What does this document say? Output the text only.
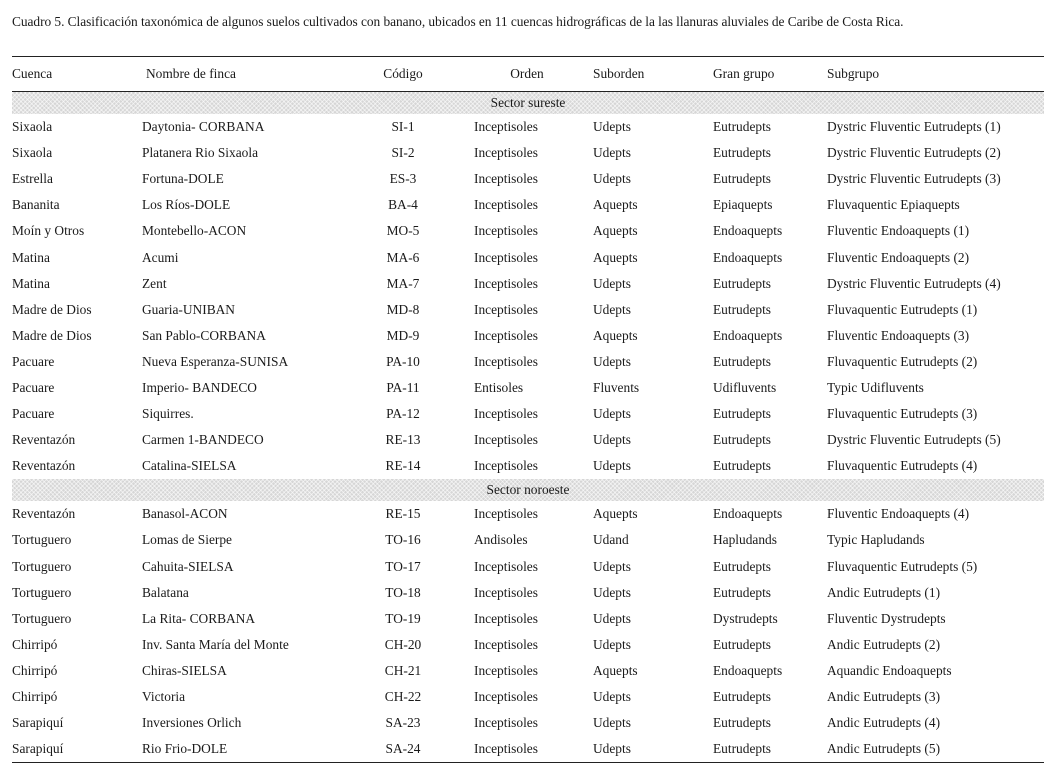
Cuadro 5. Clasificación taxonómica de algunos suelos cultivados con banano, ubicados en 11 cuencas hidrográficas de la las llanuras aluviales de Caribe de Costa Rica.
Cuenca	Nombre de finca	Código	Orden	Suborden	Gran grupo	Subgrupo
Sector sureste						
Sixaola	Daytonia- CORBANA	SI-1	Inceptisoles	Udepts	Eutrudepts	Dystric Fluventic Eutrudepts (1)
Sixaola	Platanera Rio Sixaola	SI-2	Inceptisoles	Udepts	Eutrudepts	Dystric Fluventic Eutrudepts (2)
Estrella	Fortuna-DOLE	ES-3	Inceptisoles	Udepts	Eutrudepts	Dystric Fluventic Eutrudepts (3)
Bananita	Los Ríos-DOLE	BA-4	Inceptisoles	Aquepts	Epiaquepts	Fluvaquentic Epiaquepts
Moín y Otros	Montebello-ACON	MO-5	Inceptisoles	Aquepts	Endoaquepts	Fluventic Endoaquepts (1)
Matina	Acumi	MA-6	Inceptisoles	Aquepts	Endoaquepts	Fluventic Endoaquepts (2)
Matina	Zent	MA-7	Inceptisoles	Udepts	Eutrudepts	Dystric Fluventic Eutrudepts (4)
Madre de Dios	Guaria-UNIBAN	MD-8	Inceptisoles	Udepts	Eutrudepts	Fluvaquentic Eutrudepts (1)
Madre de Dios	San Pablo-CORBANA	MD-9	Inceptisoles	Aquepts	Endoaquepts	Fluventic Endoaquepts (3)
Pacuare	Nueva Esperanza-SUNISA	PA-10	Inceptisoles	Udepts	Eutrudepts	Fluvaquentic Eutrudepts (2)
Pacuare	Imperio- BANDECO	PA-11	Entisoles	Fluvents	Udifluvents	Typic Udifluvents
Pacuare	Siquirres.	PA-12	Inceptisoles	Udepts	Eutrudepts	Fluvaquentic Eutrudepts (3)
Reventazón	Carmen 1-BANDECO	RE-13	Inceptisoles	Udepts	Eutrudepts	Dystric Fluventic Eutrudepts (5)
Reventazón	Catalina-SIELSA	RE-14	Inceptisoles	Udepts	Eutrudepts	Fluvaquentic Eutrudepts (4)
Sector noroeste						
Reventazón	Banasol-ACON	RE-15	Inceptisoles	Aquepts	Endoaquepts	Fluventic Endoaquepts (4)
Tortuguero	Lomas de Sierpe	TO-16	Andisoles	Udand	Hapludands	Typic Hapludands
Tortuguero	Cahuita-SIELSA	TO-17	Inceptisoles	Udepts	Eutrudepts	Fluvaquentic Eutrudepts (5)
Tortuguero	Balatana	TO-18	Inceptisoles	Udepts	Eutrudepts	Andic Eutrudepts (1)
Tortuguero	La Rita- CORBANA	TO-19	Inceptisoles	Udepts	Dystrudepts	Fluventic Dystrudepts
Chirripó	Inv. Santa María del Monte	CH-20	Inceptisoles	Udepts	Eutrudepts	Andic Eutrudepts (2)
Chirripó	Chiras-SIELSA	CH-21	Inceptisoles	Aquepts	Endoaquepts	Aquandic Endoaquepts
Chirripó	Victoria	CH-22	Inceptisoles	Udepts	Eutrudepts	Andic Eutrudepts (3)
Sarapiquí	Inversiones Orlich	SA-23	Inceptisoles	Udepts	Eutrudepts	Andic Eutrudepts (4)
Sarapiquí	Rio Frio-DOLE	SA-24	Inceptisoles	Udepts	Eutrudepts	Andic Eutrudepts (5)
